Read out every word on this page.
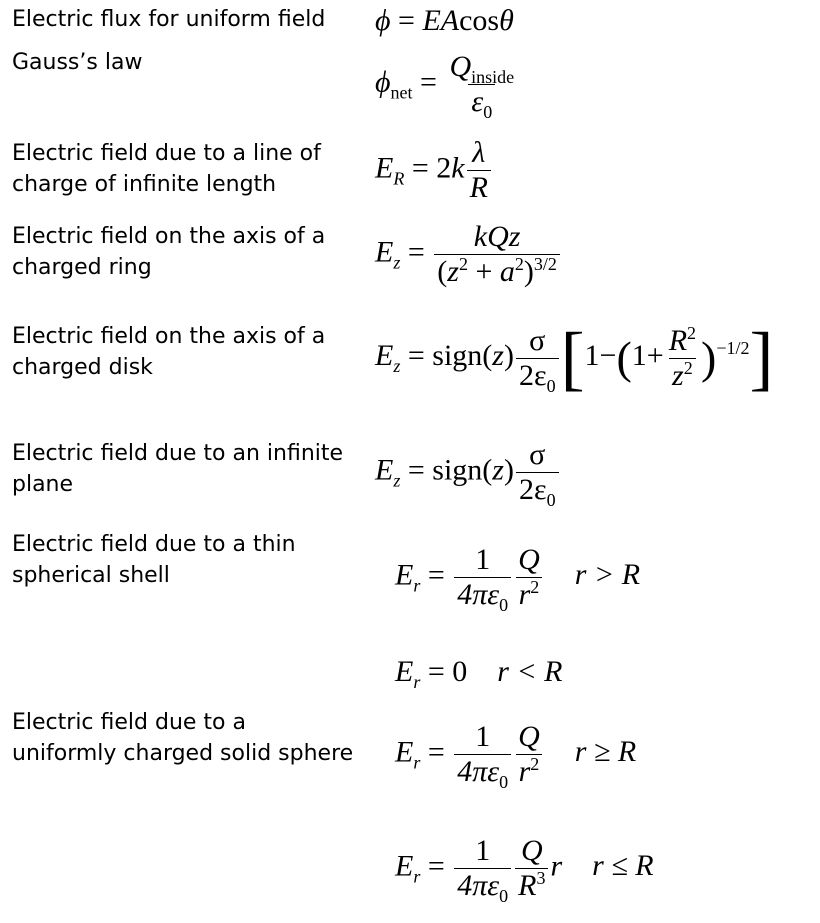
Electric flux for uniform field
Gauss’s law
Electric field due to a line of charge of infinite length
Electric field on the axis of a charged ring
Electric field on the axis of a charged disk
Electric field due to an infinite plane
Electric field due to a thin spherical shell
Electric field due to a uniformly charged solid sphere
ϕ = EAcosθ
$\phi_{net} = \frac{Q_{inside}}{\varepsilon_0}$
$E_R = 2k \frac{\lambda}{R}$
$E_z = \frac{\text{kQz}}{(z^2 + a^2)^{3/2}}$
$E_z$ = sign(z) $\frac{\sigma}{2\varepsilon_0} [1-(1+ \frac{R^2}{z^2} )^{-1/2}]$
$E_z$ = sign(z) $\frac{\sigma}{2\varepsilon_0}$
$E_r = \frac{1}{4\pi\varepsilon_0} \frac{Q}{r^2}$ r > R
$E_r = 0$ r < R
$E_r = \frac{1}{4\pi\varepsilon_0} \frac{Q}{r^2}$ r ≥ R
$E_r = \frac{1}{4\pi\varepsilon_0} \frac{Q}{R^3}$ r r ≤ R
